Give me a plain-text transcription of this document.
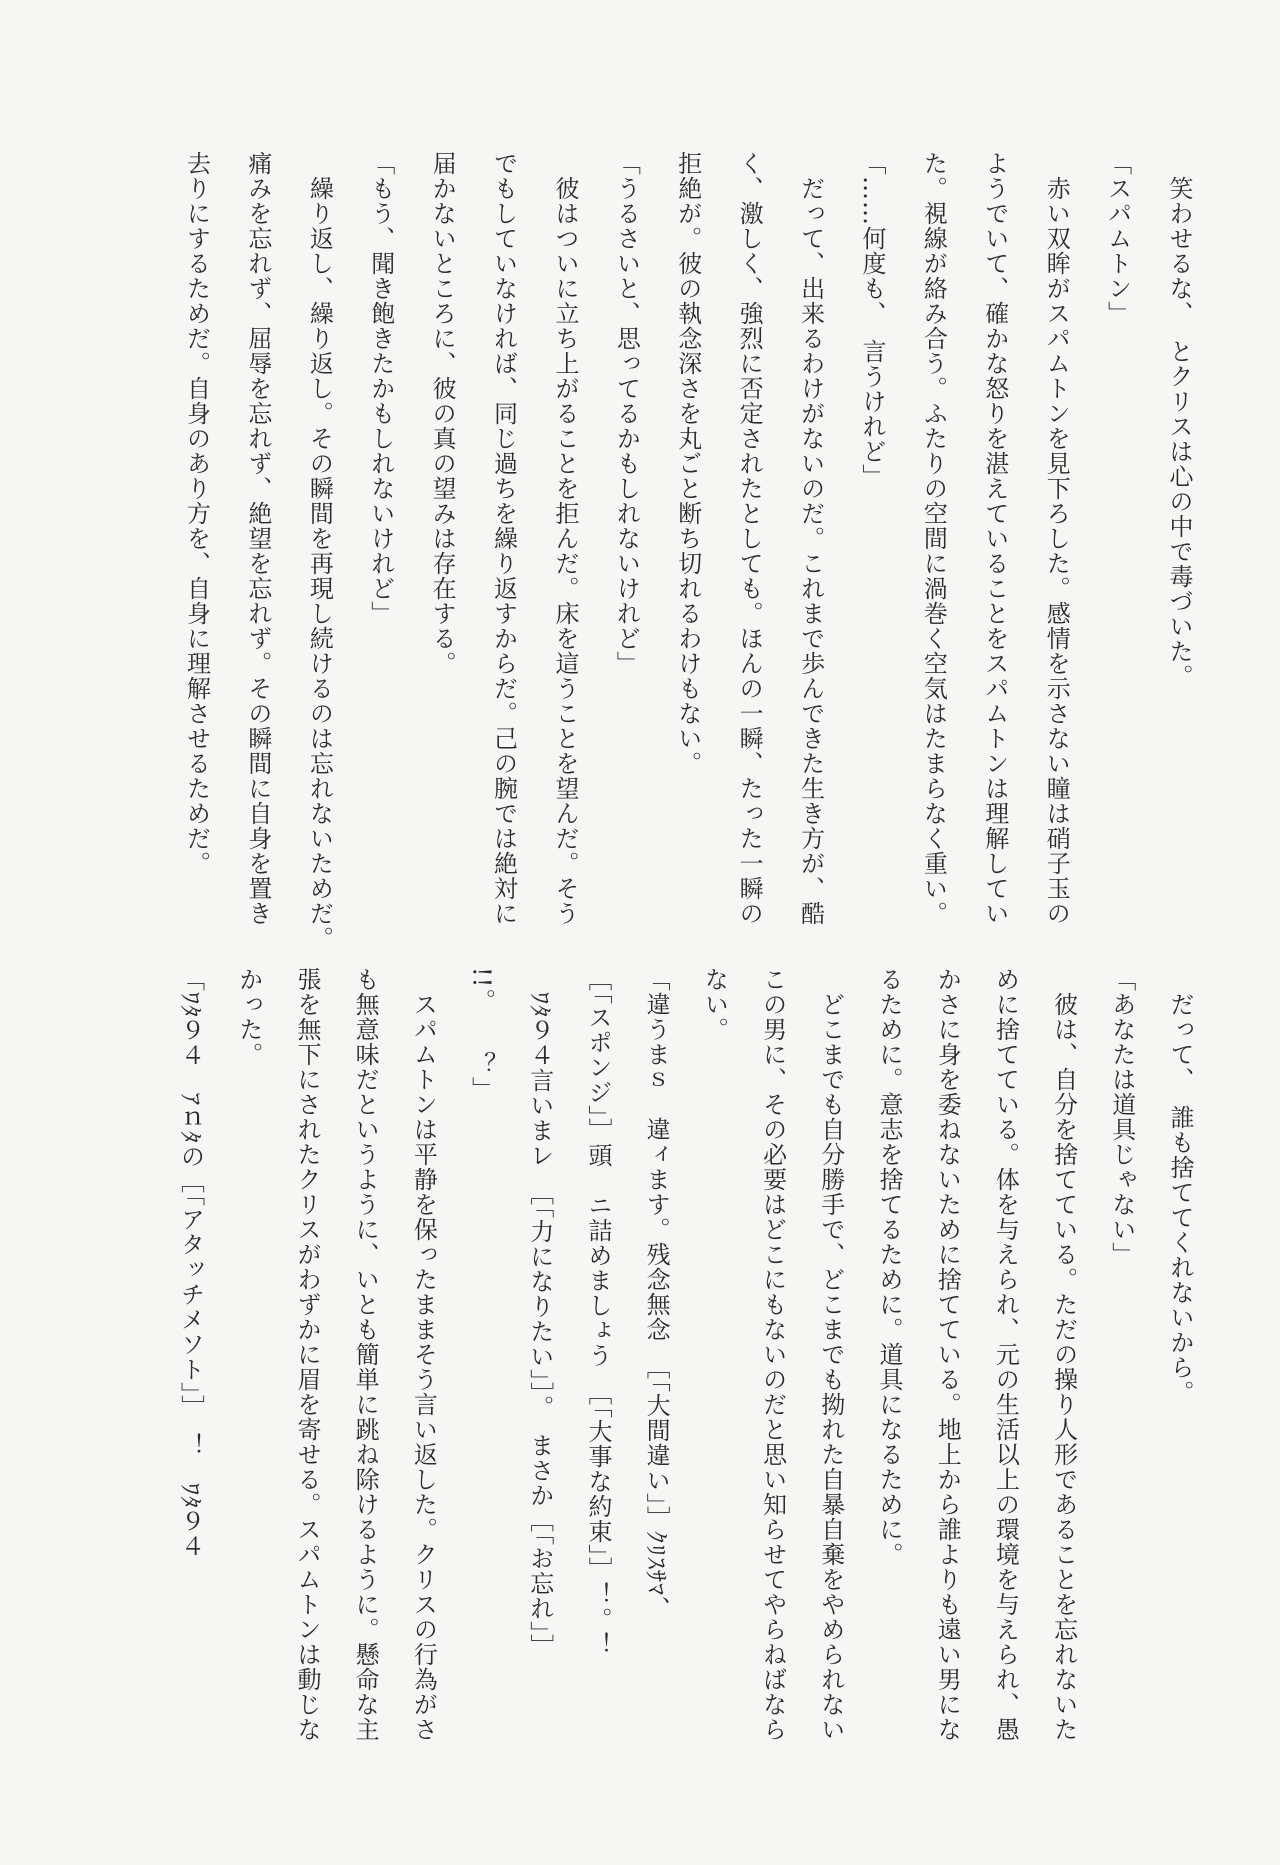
　笑わせるな、　とクリスは心の中で毒づいた。
「スパムトン」
　赤い双眸がスパムトンを見下ろした。感情を示さない瞳は硝子玉の
ようでいて、確かな怒りを湛えていることをスパムトンは理解してい
た。視線が絡み合う。ふたりの空間に渦巻く空気はたまらなく重い。
「……何度も、　言うけれど」
　だって、出来るわけがないのだ。これまで歩んできた生き方が、酷
く、激しく、強烈に否定されたとしても。ほんの一瞬、たった一瞬の
拒絶が。彼の執念深さを丸ごと断ち切れるわけもない。
「うるさいと、思ってるかもしれないけれど」
　彼はついに立ち上がることを拒んだ。床を這うことを望んだ。そう
でもしていなければ、同じ過ちを繰り返すからだ。己の腕では絶対に
届かないところに、彼の真の望みは存在する。
「もう、聞き飽きたかもしれないけれど」
　繰り返し、繰り返し。その瞬間を再現し続けるのは忘れないためだ。
痛みを忘れず、屈辱を忘れず、絶望を忘れず。その瞬間に自身を置き
去りにするためだ。自身のあり方を、自身に理解させるためだ。
　だって、　誰も捨ててくれないから。
「あなたは道具じゃない」
　彼は、自分を捨てている。ただの操り人形であることを忘れないた
めに捨てている。体を与えられ、元の生活以上の環境を与えられ、愚
かさに身を委ねないために捨てている。地上から誰よりも遠い男にな
るために。意志を捨てるために。道具になるために。
　どこまでも自分勝手で、どこまでも拗れた自暴自棄をやめられない
この男に、その必要はどこにもないのだと思い知らせてやらねばなら
ない。
「違うまｓ　違ィます。残念無念　［「大間違い」］ｸﾘｽｻﾏ、
［「スポンジ」］頭　ニ詰めましょう　［「大事な約束」］！。！
　ﾜﾀ９４言いまレ　［「力になりたい」］。　まさか［「お忘れ」］
!!。　　？」
　スパムトンは平静を保ったままそう言い返した。クリスの行為がさ
も無意味だというように、いとも簡単に跳ね除けるように。懸命な主
張を無下にされたクリスがわずかに眉を寄せる。スパムトンは動じな
かった。
「ﾜﾀ９４　ｱｎﾀの［「アタッチメソト」］　！　ﾜﾀ９４
